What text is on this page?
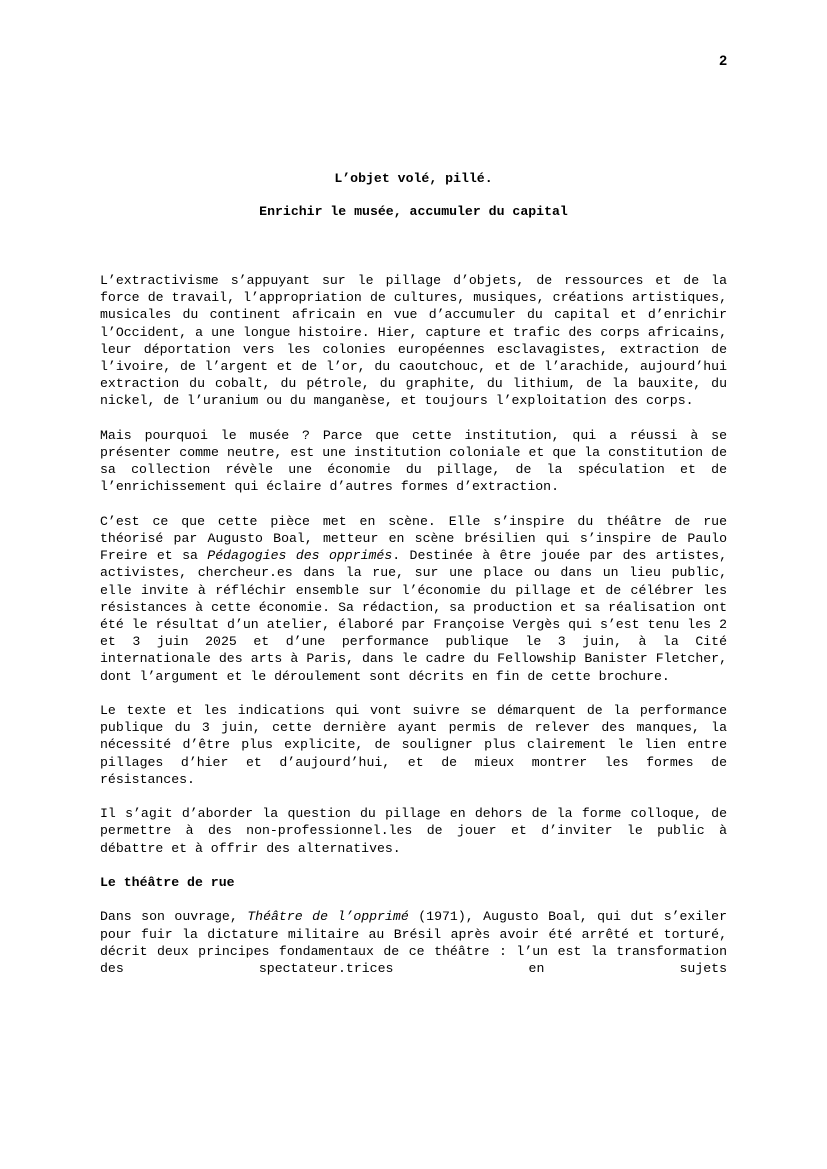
2
L’objet volé, pillé.
Enrichir le musée, accumuler du capital

L’extractivisme s’appuyant sur le pillage d’objets, de ressources et de la force de travail, l’appropriation de cultures, musiques, créations artistiques, musicales du continent africain en vue d’accumuler du capital et d’enrichir l’Occident, a une longue histoire. Hier, capture et trafic des corps africains, leur déportation vers les colonies européennes esclavagistes, extraction de l’ivoire, de l’argent et de l’or, du caoutchouc, et de l’arachide, aujourd’hui extraction du cobalt, du pétrole, du graphite, du lithium, de la bauxite, du nickel, de l’uranium ou du manganèse, et toujours l’exploitation des corps.

Mais pourquoi le musée ? Parce que cette institution, qui a réussi à se présenter comme neutre, est une institution coloniale et que la constitution de sa collection révèle une économie du pillage, de la spéculation et de l’enrichissement qui éclaire d’autres formes d’extraction.

C’est ce que cette pièce met en scène. Elle s’inspire du théâtre de rue théorisé par Augusto Boal, metteur en scène brésilien qui s’inspire de Paulo Freire et sa Pédagogies des opprimés. Destinée à être jouée par des artistes, activistes, chercheur.es dans la rue, sur une place ou dans un lieu public, elle invite à réfléchir ensemble sur l’économie du pillage et de célébrer les résistances à cette économie. Sa rédaction, sa production et sa réalisation ont été le résultat d’un atelier, élaboré par Françoise Vergès qui s’est tenu les 2 et 3 juin 2025 et d’une performance publique le 3 juin, à la Cité internationale des arts à Paris, dans le cadre du Fellowship Banister Fletcher, dont l’argument et le déroulement sont décrits en fin de cette brochure.

Le texte et les indications qui vont suivre se démarquent de la performance publique du 3 juin, cette dernière ayant permis de relever des manques, la nécessité d’être plus explicite, de souligner plus clairement le lien entre pillages d’hier et d’aujourd’hui, et de mieux montrer les formes de résistances.

Il s’agit d’aborder la question du pillage en dehors de la forme colloque, de permettre à des non-professionnel.les de jouer et d’inviter le public à débattre et à offrir des alternatives.

Le théâtre de rue

Dans son ouvrage, Théâtre de l’opprimé (1971), Augusto Boal, qui dut s’exiler pour fuir la dictature militaire au Brésil après avoir été arrêté et torturé, décrit deux principes fondamentaux de ce théâtre : l’un est la transformation des spectateur.trices en sujets
